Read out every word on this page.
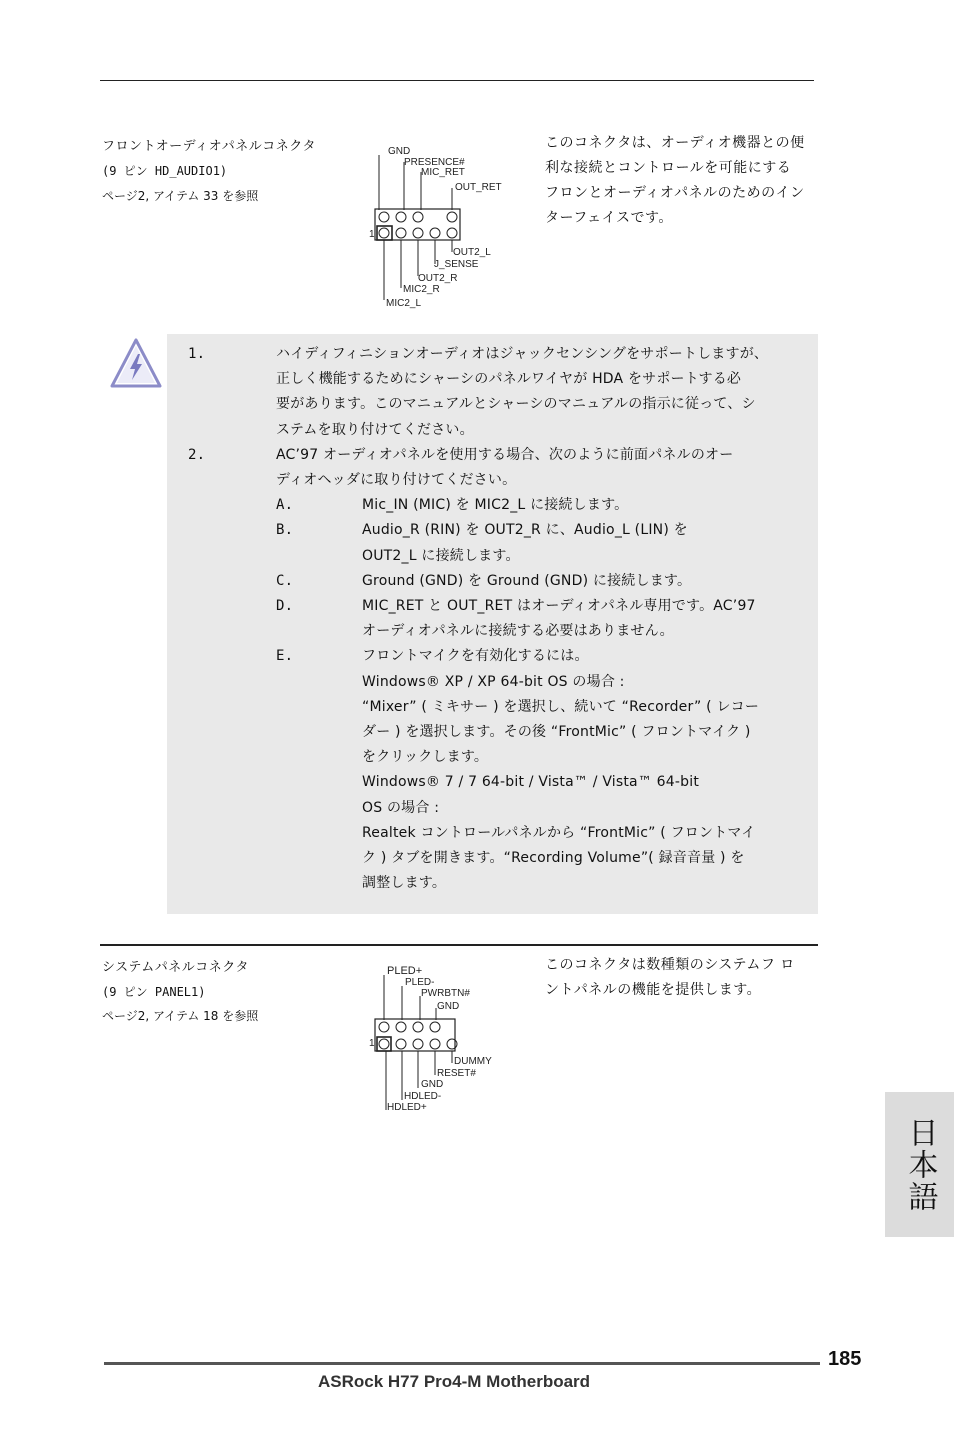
フロントオーディオパネルコネクタ
(9 ピン HD_AUDIO1)
ページ2, アイテム 33 を参照
このコネクタは、オーディオ機器との便
利な接続とコントロールを可能にする
フロンとオーディオパネルのためのイン
ターフェイスです。
GND
PRESENCE#
MIC_RET
OUT_RET
1
OUT2_L
J_SENSE
OUT2_R
MIC2_R
MIC2_L
1.	ハイディフィニションオーディオはジャックセンシングをサポートしますが、
正しく機能するためにシャーシのパネルワイヤが HDA をサポートする必
要があります。このマニュアルとシャーシのマニュアルの指示に従って、シ
ステムを取り付けてください。
2.	AC’97 オーディオパネルを使用する場合、次のように前面パネルのオー
ディオヘッダに取り付けてください。
A.	Mic_IN (MIC) を MIC2_L に接続します。
B.	Audio_R (RIN) を OUT2_R に、Audio_L (LIN) を
OUT2_L に接続します。
C.	Ground (GND) を Ground (GND) に接続します。
D.	MIC_RET と OUT_RET はオーディオパネル専用です。AC’97
オーディオパネルに接続する必要はありません。
E.	フロントマイクを有効化するには。
Windows® XP / XP 64-bit OS の場合 :
“Mixer” ( ミキサー ) を選択し、続いて “Recorder” ( レコー
ダー ) を選択します。その後 “FrontMic” ( フロントマイク )
をクリックします。
Windows® 7 / 7 64-bit / Vista™ / Vista™ 64-bit
OS の場合 :
Realtek コントロールパネルから “FrontMic” ( フロントマイ
ク ) タブを開きます。“Recording Volume”( 録音音量 ) を
調整します。
システムパネルコネクタ
(9 ピン PANEL1)
ページ2, アイテム 18 を参照
このコネクタは数種類のシステムフ ロ
ントパネルの機能を提供します。
PLED+
PLED-
PWRBTN#
GND
1
DUMMY
RESET#
GND
HDLED-
HDLED+
日本語
185
ASRock H77 Pro4-M Motherboard
